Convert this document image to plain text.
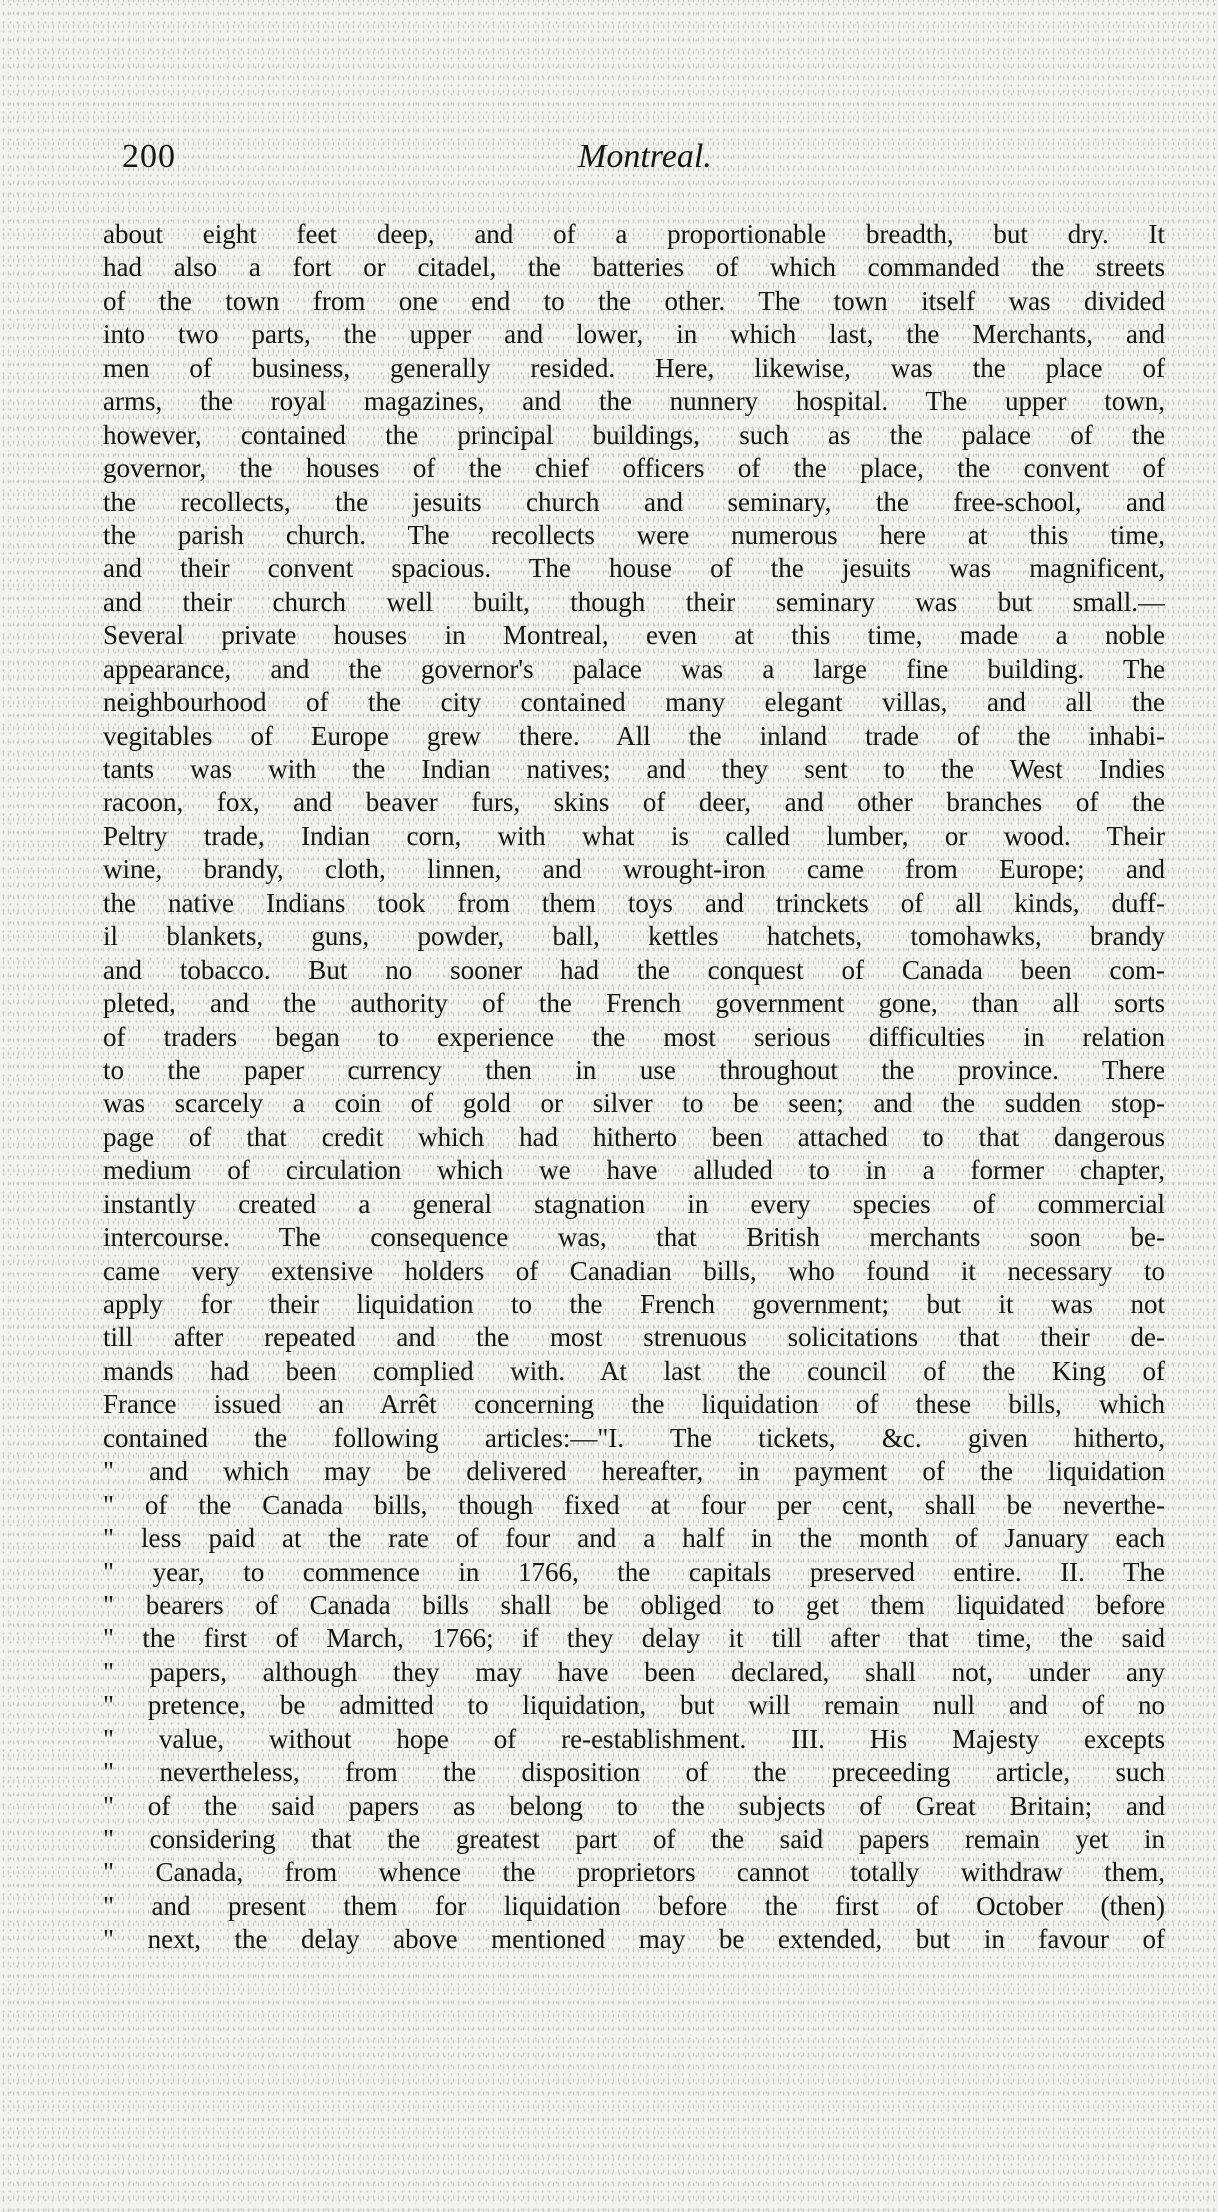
200	Montreal.
about eight feet deep, and of a proportionable breadth, but dry. It
had also a fort or citadel, the batteries of which commanded the streets
of the town from one end to the other. The town itself was divided
into two parts, the upper and lower, in which last, the Merchants, and
men of business, generally resided. Here, likewise, was the place of
arms, the royal magazines, and the nunnery hospital. The upper town,
however, contained the principal buildings, such as the palace of the
governor, the houses of the chief officers of the place, the convent of
the recollects, the jesuits church and seminary, the free-school, and
the parish church. The recollects were numerous here at this time,
and their convent spacious. The house of the jesuits was magnificent,
and their church well built, though their seminary was but small.—
Several private houses in Montreal, even at this time, made a noble
appearance, and the governor's palace was a large fine building. The
neighbourhood of the city contained many elegant villas, and all the
vegitables of Europe grew there. All the inland trade of the inhabi-
tants was with the Indian natives; and they sent to the West Indies
racoon, fox, and beaver furs, skins of deer, and other branches of the
Peltry trade, Indian corn, with what is called lumber, or wood. Their
wine, brandy, cloth, linnen, and wrought-iron came from Europe; and
the native Indians took from them toys and trinckets of all kinds, duff-
il blankets, guns, powder, ball, kettles hatchets, tomohawks, brandy
and tobacco. But no sooner had the conquest of Canada been com-
pleted, and the authority of the French government gone, than all sorts
of traders began to experience the most serious difficulties in relation
to the paper currency then in use throughout the province. There
was scarcely a coin of gold or silver to be seen; and the sudden stop-
page of that credit which had hitherto been attached to that dangerous
medium of circulation which we have alluded to in a former chapter,
instantly created a general stagnation in every species of commercial
intercourse. The consequence was, that British merchants soon be-
came very extensive holders of Canadian bills, who found it necessary to
apply for their liquidation to the French government; but it was not
till after repeated and the most strenuous solicitations that their de-
mands had been complied with. At last the council of the King of
France issued an Arrêt concerning the liquidation of these bills, which
contained the following articles:—"I. The tickets, &c. given hitherto,
" and which may be delivered hereafter, in payment of the liquidation
" of the Canada bills, though fixed at four per cent, shall be neverthe-
" less paid at the rate of four and a half in the month of January each
" year, to commence in 1766, the capitals preserved entire. II. The
" bearers of Canada bills shall be obliged to get them liquidated before
" the first of March, 1766; if they delay it till after that time, the said
" papers, although they may have been declared, shall not, under any
" pretence, be admitted to liquidation, but will remain null and of no
" value, without hope of re-establishment. III. His Majesty excepts
" nevertheless, from the disposition of the preceeding article, such
" of the said papers as belong to the subjects of Great Britain; and
" considering that the greatest part of the said papers remain yet in
" Canada, from whence the proprietors cannot totally withdraw them,
" and present them for liquidation before the first of October (then)
" next, the delay above mentioned may be extended, but in favour of
